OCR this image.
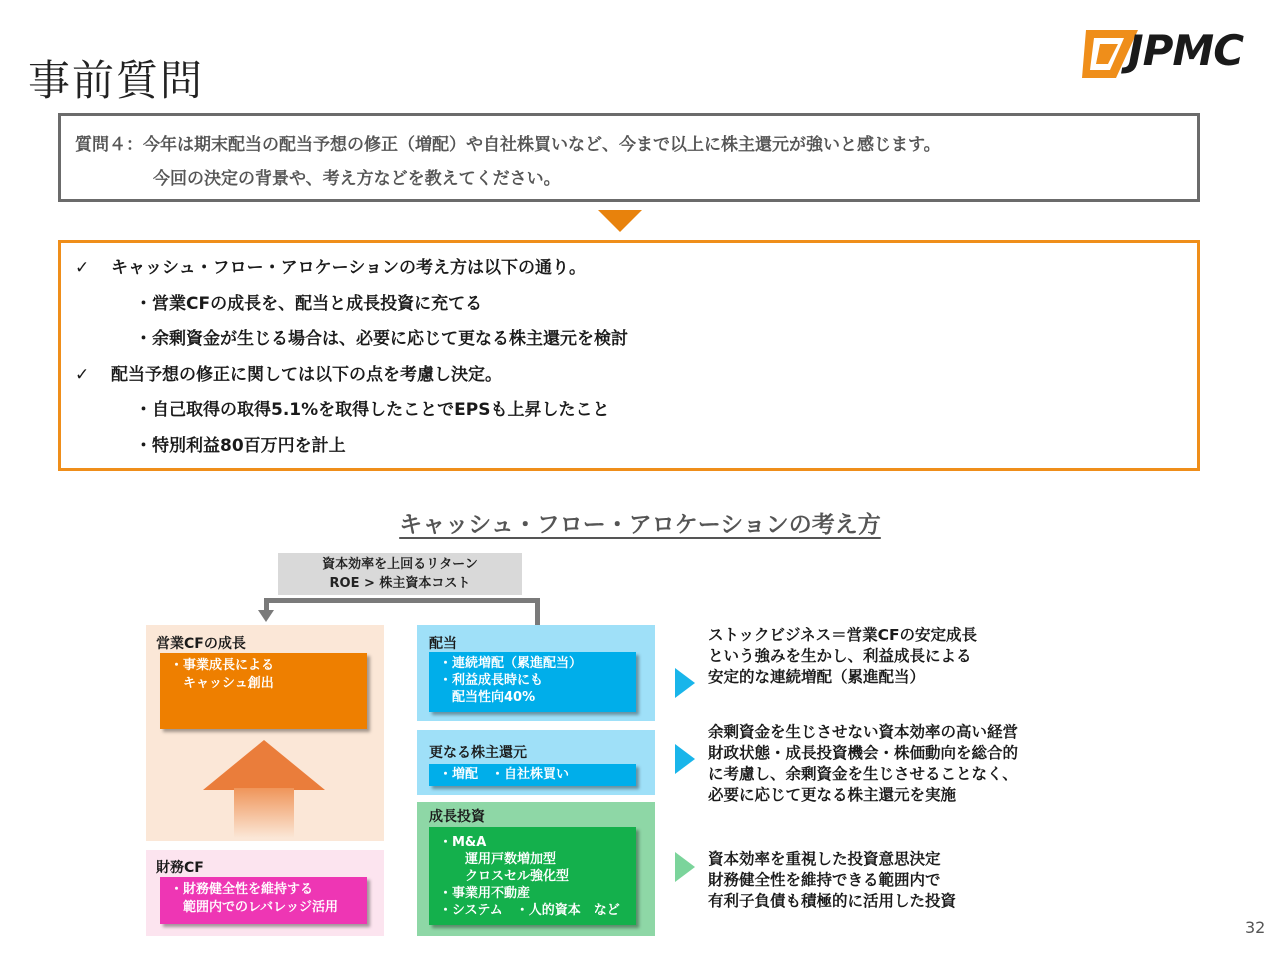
事前質問
JPMC
質問４：今年は期末配当の配当予想の修正（増配）や自社株買いなど、今まで以上に株主還元が強いと感じます。
今回の決定の背景や、考え方などを教えてください。
✓ キャッシュ・フロー・アロケーションの考え方は以下の通り。
・営業CFの成長を、配当と成長投資に充てる
・余剰資金が生じる場合は、必要に応じて更なる株主還元を検討
✓ 配当予想の修正に関しては以下の点を考慮し決定。
・自己取得の取得5.1%を取得したことでEPSも上昇したこと
・特別利益80百万円を計上
キャッシュ・フロー・アロケーションの考え方
資本効率を上回るリターン
ROE > 株主資本コスト
営業CFの成長
・事業成長による
　キャッシュ創出
財務CF
・財務健全性を維持する
　範囲内でのレバレッジ活用
配当
・連続増配（累進配当）
・利益成長時にも
　配当性向40%
更なる株主還元
・増配　・自社株買い
成長投資
・M&A
　　運用戸数増加型
　　クロスセル強化型
・事業用不動産
・システム　・人的資本　など
ストックビジネス＝営業CFの安定成長
という強みを生かし、利益成長による
安定的な連続増配（累進配当）
余剰資金を生じさせない資本効率の高い経営
財政状態・成長投資機会・株価動向を総合的
に考慮し、余剰資金を生じさせることなく、
必要に応じて更なる株主還元を実施
資本効率を重視した投資意思決定
財務健全性を維持できる範囲内で
有利子負債も積極的に活用した投資
32
